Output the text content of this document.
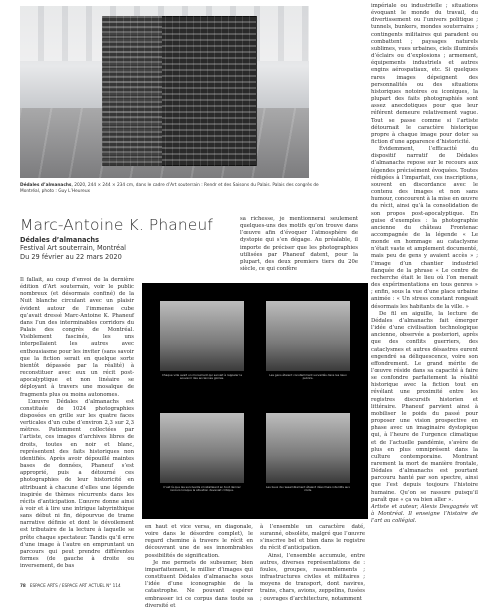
Dédales d’almanachs, 2020, 244 × 244 × 234 cm, dans le cadre d’Art souterrain : Rendr et des Saisons du Palais. Palais des congrès de Montréal, photo : Guy L’Heureux
Marc-Antoine K. Phaneuf
Dédales d’almanachs
Festival Art souterrain, Montréal
Du 29 février au 22 mars 2020

Il fallait, au coup d’envoi de la dernière édition d’Art souterrain, voir le public nombreux (et désormais confiné) de la Nuit blanche circulant avec un plaisir évident autour de l’immense cube qu’avait dressé Marc-Antoine K. Phaneuf dans l’un des interminables corridors du Palais des congrès de Montréal. Visiblement fascinés, les uns interpellaient les autres avec enthousiasme pour les inviter (sans savoir que la fiction serait en quelque sorte bientôt dépassée par la réalité) à reconstituer avec eux un récit post-apocalyptique et non linéaire se déployant à travers une mosaïque de fragments plus ou moins autonomes.

L’œuvre Dédales d’almanachs est constituée de 1024 photographies disposées en grille sur les quatre faces verticales d’un cube d’environ 2,3 sur 2,3 mètres. Patiemment collectées par l’artiste, ces images d’archives libres de droits, toutes en noir et blanc, représentent des faits historiques non identifiés. Après avoir dépouillé maintes bases de données, Phaneuf s’est approprié, puis a détourné ces photographies de leur historicité en attribuant à chacune d’elles une légende inspirée de thèmes récurrents dans les récits d’anticipation. L’œuvre donne ainsi à voir et à lire une intrigue labyrinthique sans début ni fin, dépourvue de trame narrative définie et dont le dévoilement est tributaire de la lecture à laquelle se prête chaque spectateur. Tandis qu’il erre d’une image à l’autre en empruntant un parcours qui peut prendre différentes formes (de gauche à droite ou inversement, de bas

sa richesse, je mentionnerai seulement quelques-uns des motifs qu’on trouve dans l’œuvre afin d’évoquer l’atmosphère de dystopie qui s’en dégage. Au préalable, il importe de préciser que les photographies utilisées par Phaneuf datent, pour la plupart, des deux premiers tiers du 20e siècle, ce qui confère

Chaque ville avait un monument qui servait à rappeler le souvenir des anciennes gloires.
Les gens étaient constamment surveillés dans les lieux publics.
C’est là que les survivants s’installaient en tout dernier recours lorsque la situation devenait critique.
Les lieux de rassemblement étaient désormais interdits aux civils.

en haut et vice versa, en diagonale, voire dans le désordre complet), le regard chemine à travers le récit en découvrant une de ses innombrables possibilités de signification.

Je me permets de subsumer, bien imparfaitement, le millier d’images qui constituent Dédales d’almanachs sous l’idée d’une iconographie de la catastrophe. Ne pouvant espérer embrasser ici ce corpus dans toute sa diversité et

à l’ensemble un caractère daté, suranné, obsolète, malgré que l’œuvre s’inscrive bel et bien dans le registre du récit d’anticipation.

Ainsi, l’ensemble accumule, entre autres, diverses représentations de : foules, groupes, rassemblements ; infrastructures civiles et militaires ; moyens de transport, dont navires, trains, chars, avions, zeppelins, fusées ; ouvrages d’architecture, notamment

impériale ou industrielle ; situations évoquant le monde du travail, du divertissement ou l’univers politique ; tunnels, bunkers, mondes souterrains ; contingents militaires qui paradent ou combattent ; paysages naturels sublimes, vues urbaines, ciels illuminés d’éclairs ou d’explosions ; armement, équipements industriels et autres engins aérospatiaux, etc. Si quelques rares images dépeignent des personnalités ou des situations historiques notoires ou iconiques, la plupart des faits photographiés sont assez anecdotiques pour que leur référent demeure relativement vague. Tout se passe comme si l’artiste détournait le caractère historique propre à chaque image pour doter sa fiction d’une apparence d’historicité.

Évidemment, l’efficacité du dispositif narratif de Dédales d’almanachs repose sur le recours aux légendes précisément évoquées. Toutes rédigées à l’imparfait, ces inscriptions, souvent en discordance avec le contenu des images et non sans humour, concourent à la mise en œuvre du récit, ainsi qu’à la consolidation de son propos post-apocalyptique. En guise d’exemples : la photographie ancienne du château Frontenac accompagnée de la légende « Le monde en hommage au cataclysme n’était vaste et amplement documenté, mais peu de gens y avaient accès » ; l’image d’un chantier industriel flanquée de la phrase « Le centre de recherche était le lieu où l’on menait des expérimentations en tous genres » ; enfin, sous la vue d’une place urbaine animée : « Un stress constant rongeait désormais les habitants de la ville. »

De fil en aiguille, la lecture de Dédales d’almanachs fait émerger l’idée d’une civilisation technologique ancienne, observée a posteriori, après que des conflits guerriers, des cataclysmes et autres désastres eurent engendré sa déliquescence, voire son effondrement. Le grand mérite de l’œuvre réside dans sa capacité à faire se confondre parfaitement la réalité historique avec la fiction tout en révélant une proximité entre les registres discursifs historien et littéraire. Phaneuf parvient ainsi à mobiliser le poids du passé pour proposer une vision prospective en phase avec un imaginaire dystopique qui, à l’heure de l’urgence climatique et de l’actuelle pandémie, s’avère de plus en plus omniprésent dans la culture contemporaine. Montrant rarement la mort de manière frontale, Dédales d’almanachs est pourtant parcouru hanté par son spectre, ainsi que l’est depuis toujours l’histoire humaine. Qu’on se rassure puisqu’il paraît que « ça va bien aller ».

Artiste et auteur, Alexis Desgagnés vit à Montréal. Il enseigne l’histoire de l’art au collégial.

78 ESPACE ARTS / ESPACE ART ACTUEL N° 114
